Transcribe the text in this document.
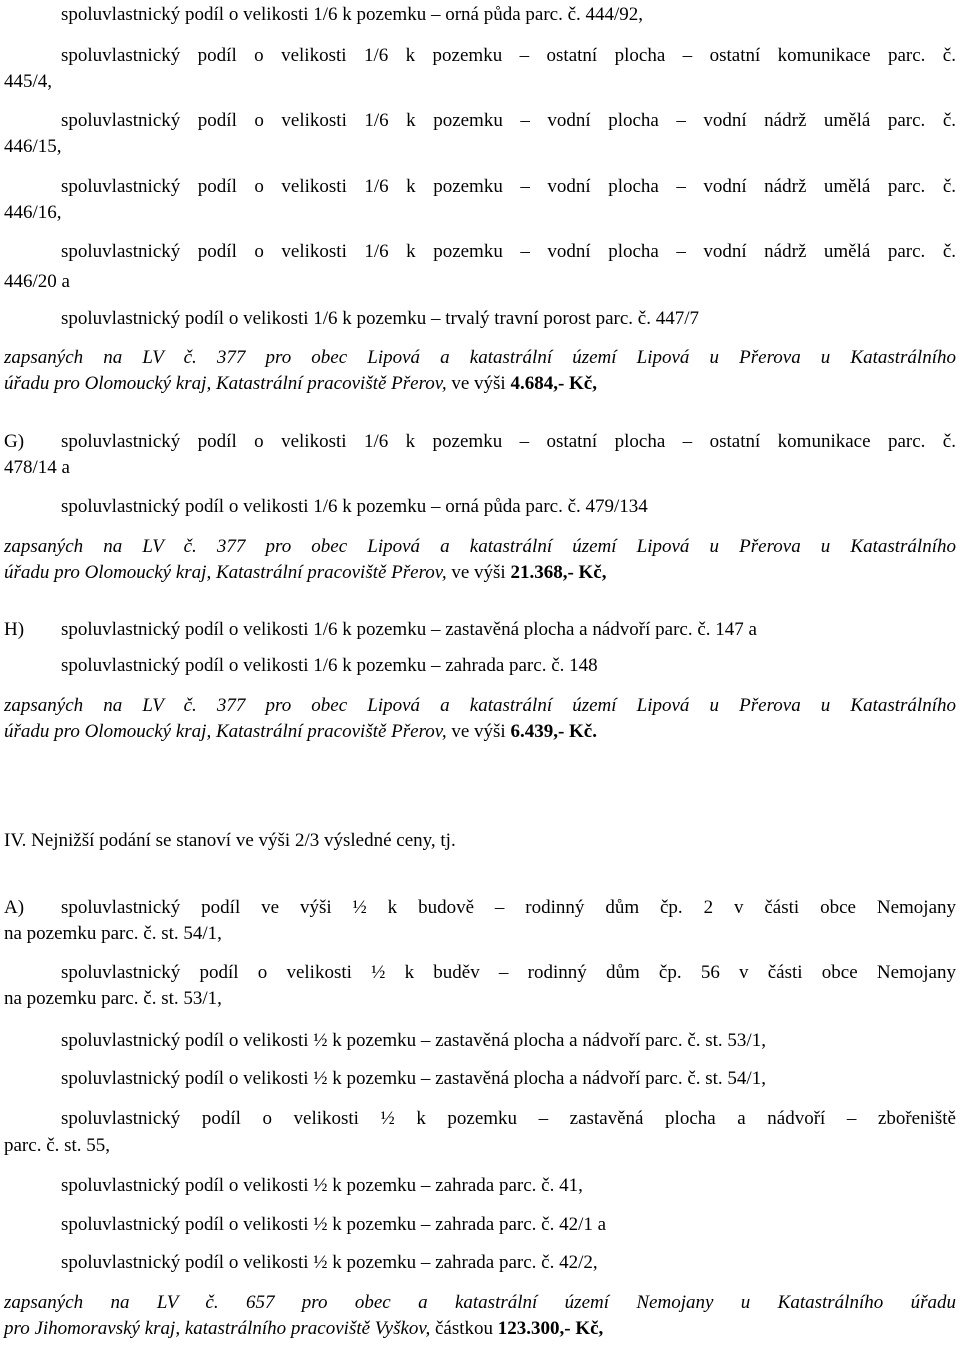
spoluvlastnický podíl o velikosti 1/6 k pozemku – orná půda parc. č. 444/92,
spoluvlastnický podíl o velikosti 1/6 k pozemku – ostatní plocha – ostatní komunikace parc. č.
445/4,
spoluvlastnický podíl o velikosti 1/6 k pozemku – vodní plocha – vodní nádrž umělá parc. č.
446/15,
spoluvlastnický podíl o velikosti 1/6 k pozemku – vodní plocha – vodní nádrž umělá parc. č.
446/16,
spoluvlastnický podíl o velikosti 1/6 k pozemku – vodní plocha – vodní nádrž umělá parc. č.
446/20 a
spoluvlastnický podíl o velikosti 1/6 k pozemku – trvalý travní porost parc. č. 447/7
zapsaných na LV č. 377 pro obec Lipová a katastrální území Lipová u Přerova u Katastrálního
úřadu pro Olomoucký kraj, Katastrální pracoviště Přerov, ve výši 4.684,- Kč,
G) spoluvlastnický podíl o velikosti 1/6 k pozemku – ostatní plocha – ostatní komunikace parc. č.
478/14 a
spoluvlastnický podíl o velikosti 1/6 k pozemku – orná půda parc. č. 479/134
zapsaných na LV č. 377 pro obec Lipová a katastrální území Lipová u Přerova u Katastrálního
úřadu pro Olomoucký kraj, Katastrální pracoviště Přerov, ve výši 21.368,- Kč,
H) spoluvlastnický podíl o velikosti 1/6 k pozemku – zastavěná plocha a nádvoří parc. č. 147 a
spoluvlastnický podíl o velikosti 1/6 k pozemku – zahrada parc. č. 148
zapsaných na LV č. 377 pro obec Lipová a katastrální území Lipová u Přerova u Katastrálního
úřadu pro Olomoucký kraj, Katastrální pracoviště Přerov, ve výši 6.439,- Kč.
IV. Nejnižší podání se stanoví ve výši 2/3 výsledné ceny, tj.
A) spoluvlastnický podíl ve výši ½ k budově – rodinný dům čp. 2 v části obce Nemojany
na pozemku parc. č. st. 54/1,
spoluvlastnický podíl o velikosti ½ k buděv – rodinný dům čp. 56 v části obce Nemojany
na pozemku parc. č. st. 53/1,
spoluvlastnický podíl o velikosti ½ k pozemku – zastavěná plocha a nádvoří parc. č. st. 53/1,
spoluvlastnický podíl o velikosti ½ k pozemku – zastavěná plocha a nádvoří parc. č. st. 54/1,
spoluvlastnický podíl o velikosti ½ k pozemku – zastavěná plocha a nádvoří – zbořeniště
parc. č. st. 55,
spoluvlastnický podíl o velikosti ½ k pozemku – zahrada parc. č. 41,
spoluvlastnický podíl o velikosti ½ k pozemku – zahrada parc. č. 42/1 a
spoluvlastnický podíl o velikosti ½ k pozemku – zahrada parc. č. 42/2,
zapsaných na LV č. 657 pro obec a katastrální území Nemojany u Katastrálního úřadu
pro Jihomoravský kraj, katastrálního pracoviště Vyškov, částkou 123.300,- Kč,
